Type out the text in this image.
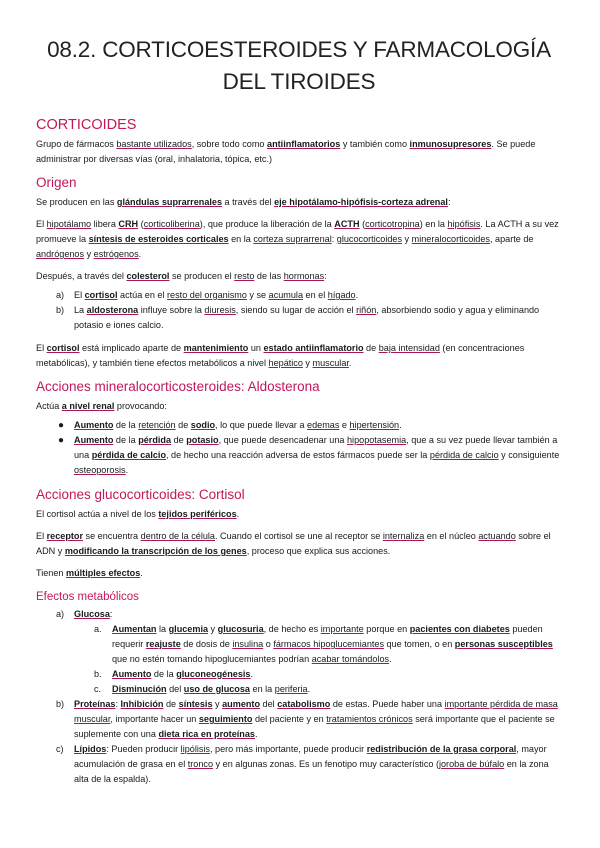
08.2. CORTICOESTEROIDES Y FARMACOLOGÍA
DEL TIROIDES
CORTICOIDES

Grupo de fármacos bastante utilizados, sobre todo como antiinflamatorios y también como inmunosupresores. Se puede administrar por diversas vías (oral, inhalatoria, tópica, etc.)

Origen

Se producen en las glándulas suprarrenales a través del eje hipotálamo-hipófisis-corteza adrenal:

El hipotálamo libera CRH (corticoliberina), que produce la liberación de la ACTH (corticotropina) en la hipófisis. La ACTH a su vez promueve la síntesis de esteroides corticales en la corteza suprarrenal: glucocorticoides y mineralocorticoides, aparte de andrógenos y estrógenos.

Después, a través del colesterol se producen el resto de las hormonas:

a)	El cortisol actúa en el resto del organismo y se acumula en el hígado.
b)	La aldosterona influye sobre la diuresis, siendo su lugar de acción el riñón, absorbiendo sodio y agua y eliminando potasio e iones calcio.

El cortisol está implicado aparte de mantenimiento un estado antiinflamatorio de baja intensidad (en concentraciones metabólicas), y también tiene efectos metabólicos a nivel hepático y muscular.

Acciones mineralocorticosteroides: Aldosterona

Actúa a nivel renal provocando:

●	Aumento de la retención de sodio, lo que puede llevar a edemas e hipertensión.
●	Aumento de la pérdida de potasio, que puede desencadenar una hipopotasemia, que a su vez puede llevar también a una pérdida de calcio, de hecho una reacción adversa de estos fármacos puede ser la pérdida de calcio y consiguiente osteoporosis.
Acciones glucocorticoides: Cortisol

El cortisol actúa a nivel de los tejidos periféricos.

El receptor se encuentra dentro de la célula. Cuando el cortisol se une al receptor se internaliza en el núcleo actuando sobre el ADN y modificando la transcripción de los genes, proceso que explica sus acciones.

Tienen múltiples efectos.

Efectos metabólicos
a)	Glucosa:
a.	Aumentan la glucemia y glucosuria, de hecho es importante porque en pacientes con diabetes pueden requerir reajuste de dosis de insulina o fármacos hipoglucemiantes que tomen, o en personas susceptibles que no estén tomando hipoglucemiantes podrían acabar tomándolos.
b.	Aumento de la gluconeogénesis.
c.	Disminución del uso de glucosa en la periferia.
b)	Proteínas: Inhibición de síntesis y aumento del catabolismo de estas. Puede haber una importante pérdida de masa muscular, importante hacer un seguimiento del paciente y en tratamientos crónicos será importante que el paciente se suplemente con una dieta rica en proteínas.
c)	Lípidos: Pueden producir lipólisis, pero más importante, puede producir redistribución de la grasa corporal, mayor acumulación de grasa en el tronco y en algunas zonas. Es un fenotipo muy característico (joroba de búfalo en la zona alta de la espalda).
